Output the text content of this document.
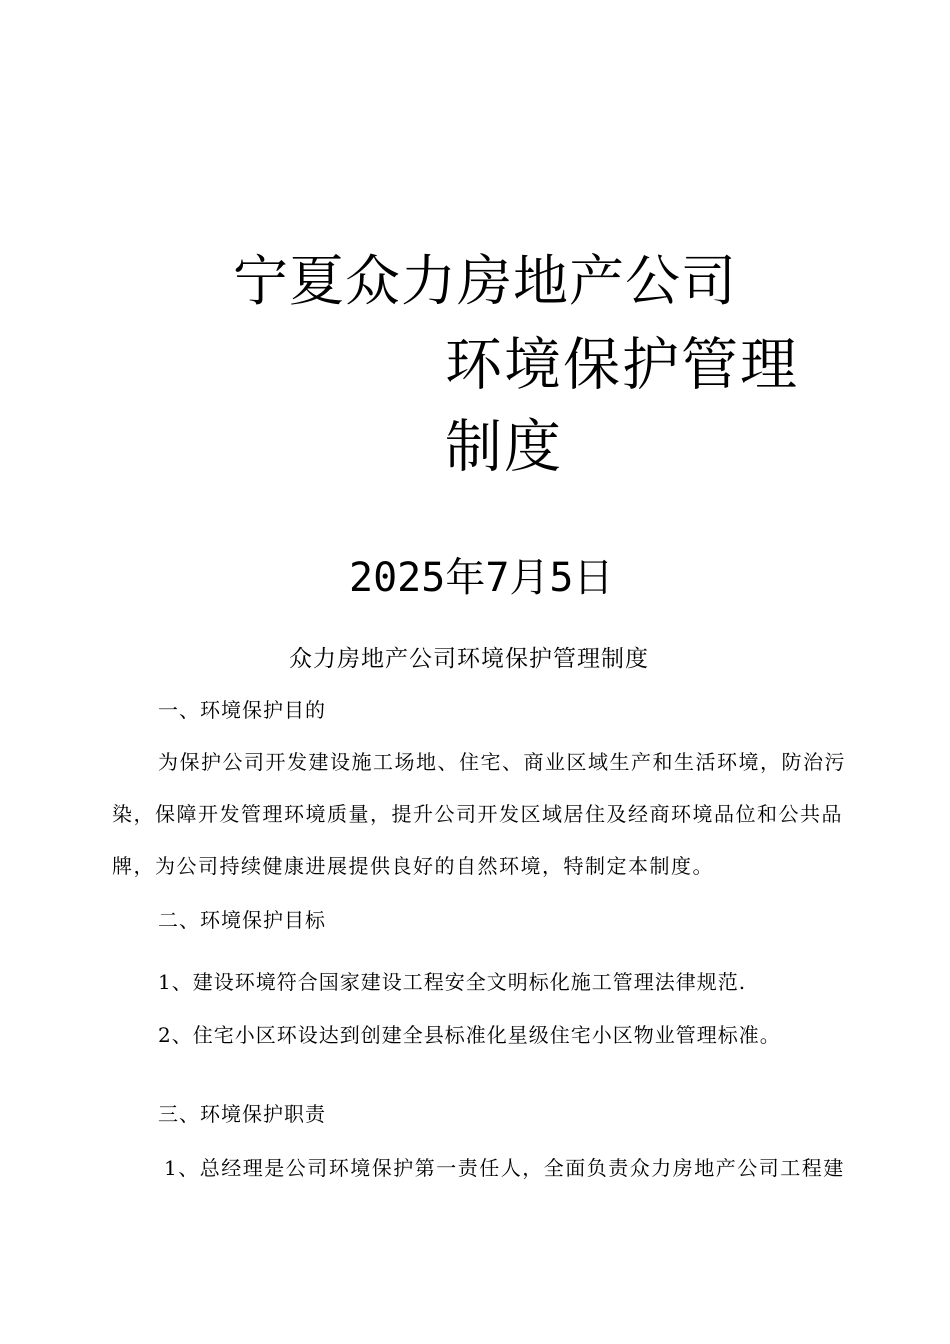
宁夏众力房地产公司
环境保护管理
制度
2025年7月5日
众力房地产公司环境保护管理制度
一、环境保护目的
为保护公司开发建设施工场地、住宅、商业区域生产和生活环境，防治污
染，保障开发管理环境质量，提升公司开发区域居住及经商环境品位和公共品
牌，为公司持续健康进展提供良好的自然环境，特制定本制度。
二、环境保护目标
1、建设环境符合国家建设工程安全文明标化施工管理法律规范.
2、住宅小区环设达到创建全县标准化星级住宅小区物业管理标准。
三、环境保护职责
1、总经理是公司环境保护第一责任人，全面负责众力房地产公司工程建
